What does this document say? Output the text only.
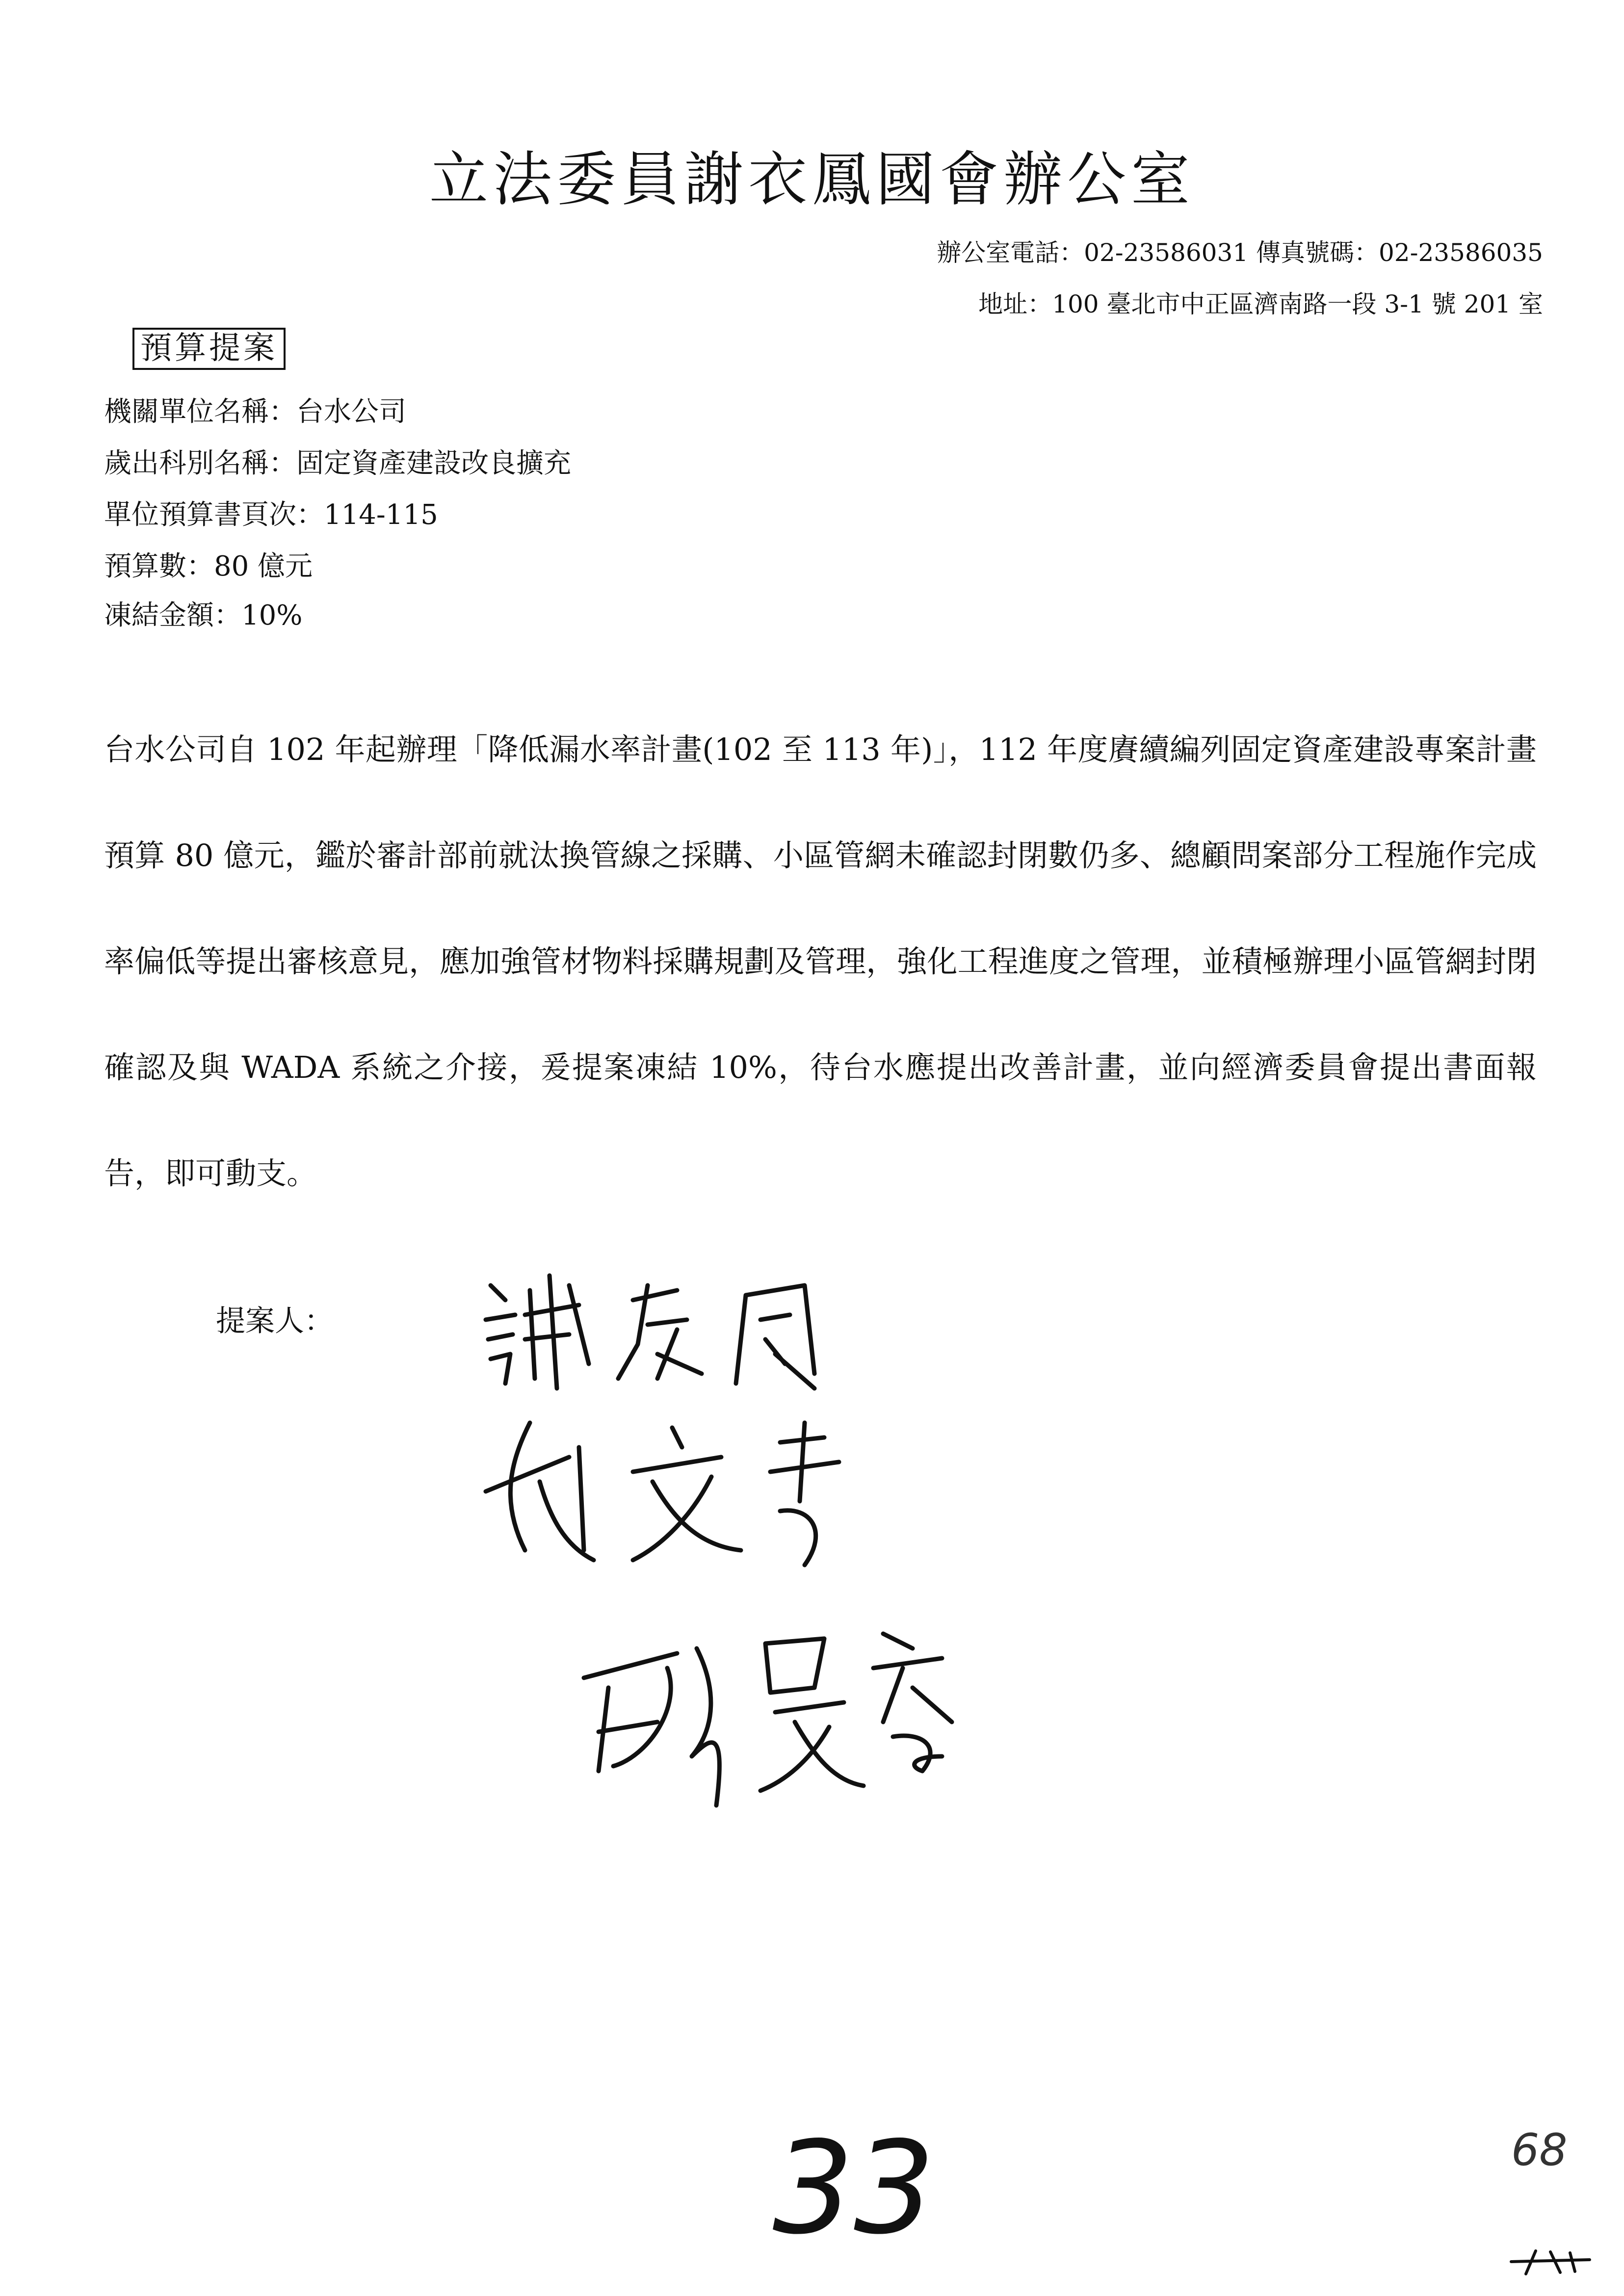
立法委員謝衣鳳國會辦公室
辦公室電話：02-23586031 傳真號碼：02-23586035
地址：100 臺北市中正區濟南路一段 3-1 號 201 室
預算提案
機關單位名稱：台水公司
歲出科別名稱：固定資產建設改良擴充
單位預算書頁次：114-115
預算數：80 億元
凍結金額：10%
台水公司自 102 年起辦理「降低漏水率計畫(102 至 113 年)」，112 年度賡續編列固定資產建設專案計畫預算 80 億元，鑑於審計部前就汰換管線之採購、小區管網未確認封閉數仍多、總顧問案部分工程施作完成率偏低等提出審核意見，應加強管材物料採購規劃及管理，強化工程進度之管理，並積極辦理小區管網封閉確認及與 WADA 系統之介接，爰提案凍結 10%，待台水應提出改善計畫，並向經濟委員會提出書面報告，即可動支。
提案人：
33	68
